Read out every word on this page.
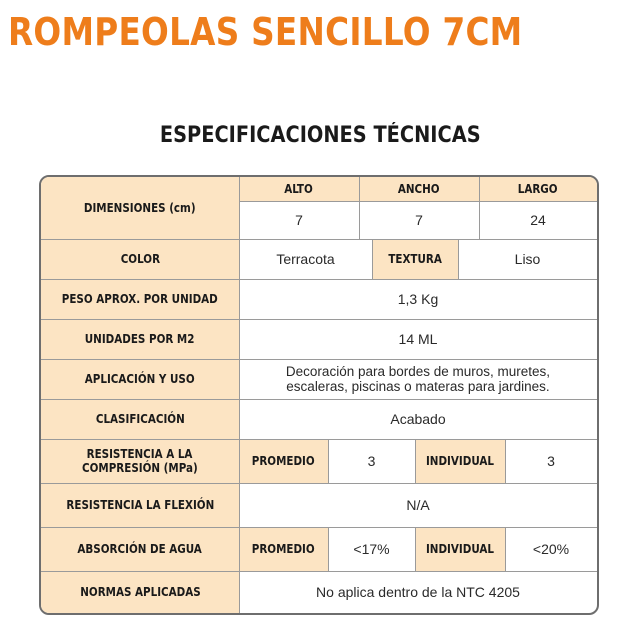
ROMPEOLAS SENCILLO 7CM
ESPECIFICACIONES TÉCNICAS
DIMENSIONES (cm)
ALTO	ANCHO	LARGO
7	7	24
COLOR	Terracota	TEXTURA	Liso
PESO APROX. POR UNIDAD	1,3 Kg
UNIDADES POR M2	14 ML
APLICACIÓN Y USO	Decoración para bordes de muros, muretes,
escaleras, piscinas o materas para jardines.
CLASIFICACIÓN	Acabado
RESISTENCIA A LA
COMPRESIÓN (MPa)	PROMEDIO	3	INDIVIDUAL	3
RESISTENCIA LA FLEXIÓN	N/A
ABSORCIÓN DE AGUA	PROMEDIO	<17%	INDIVIDUAL	<20%
NORMAS APLICADAS	No aplica dentro de la NTC 4205
